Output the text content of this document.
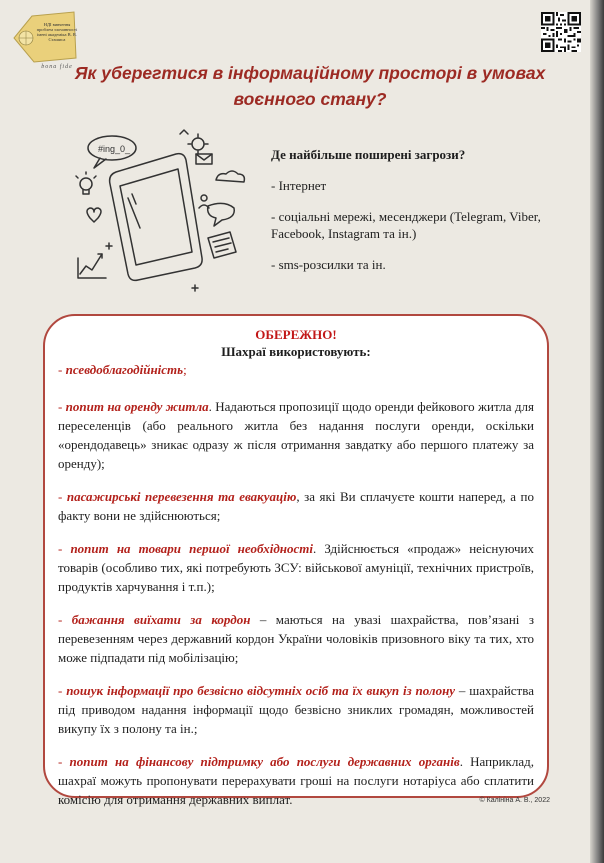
НДІ вивчення проблем злочинності імені академіка В. В. Сташиса
bona fide Як уберегтися в інформаційному просторі в умовах воєнного стану?
#ing_0_	Де найбільше поширені загрози?

- Інтернет

- соціальні мережі, месенджери (Telegram, Viber, Facebook, Instagram та ін.)

- sms-розсилки та ін.

ОБЕРЕЖНО!

Шахраї використовують:

- псевдоблагодійність;

- попит на оренду житла. Надаються пропозиції щодо оренди фейкового житла для переселенців (або реального житла без надання послуги оренди, оскільки «орендодавець» зникає одразу ж після отримання завдатку або першого платежу за оренду);

- пасажирські перевезення та евакуацію, за які Ви сплачуєте кошти наперед, а по факту вони не здійснюються;

- попит на товари першої необхідності. Здійснюється «продаж» неіснуючих товарів (особливо тих, які потребують ЗСУ: військової амуніції, технічних пристроїв, продуктів харчування і т.п.);

- бажання виїхати за кордон – маються на увазі шахрайства, пов’язані з перевезенням через державний кордон України чоловіків призовного віку та тих, хто може підпадати під мобілізацію;

- пошук інформації про безвісно відсутніх осіб та їх викуп із полону – шахрайства під приводом надання інформації щодо безвісно зниклих громадян, можливостей викупу їх з полону та ін.;

- попит на фінансову підтримку або послуги державних органів. Наприклад, шахраї можуть пропонувати перерахувати гроші на послуги нотаріуса або сплатити комісію для отримання державних виплат.	© Калініна А. В., 2022
